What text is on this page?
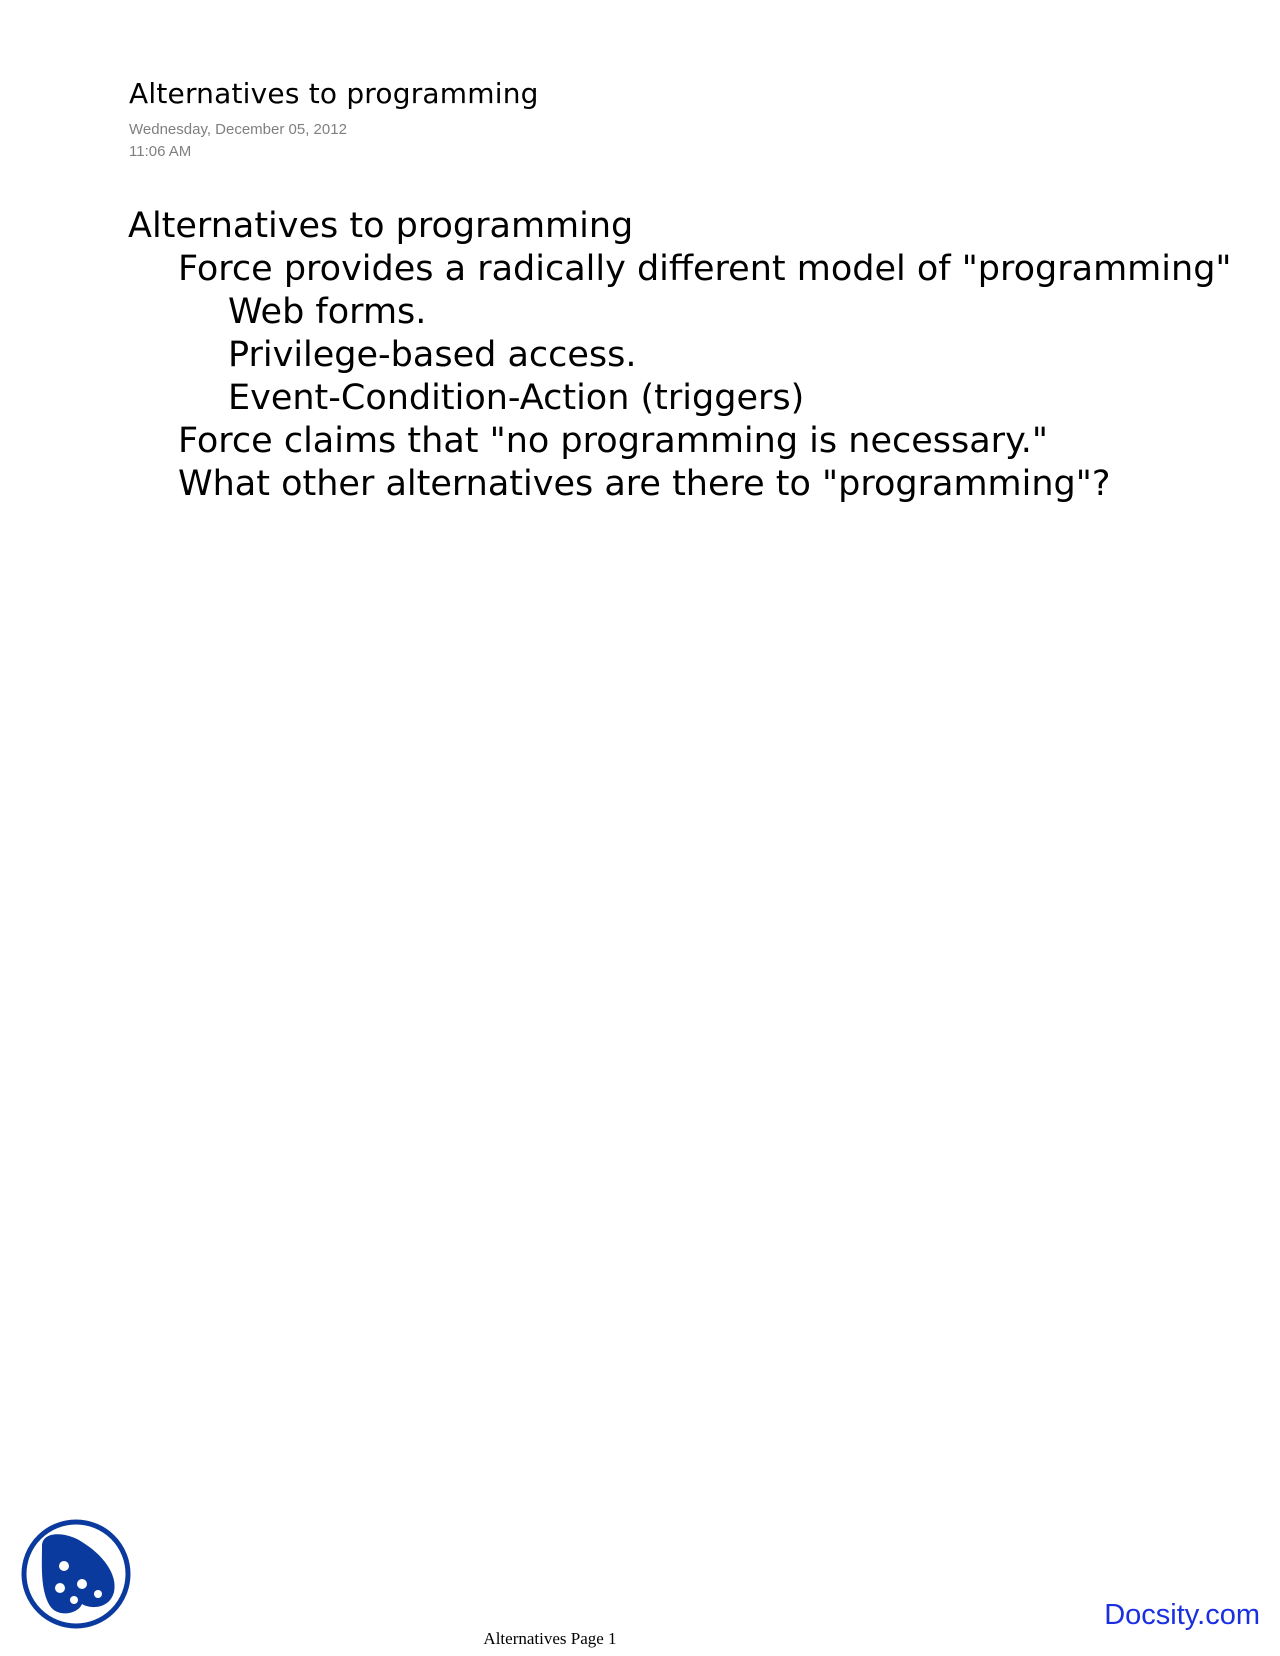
Alternatives to programming
Wednesday, December 05, 2012
11:06 AM
Alternatives to programming
Force provides a radically different model of "programming"
Web forms.
Privilege-based access.
Event-Condition-Action (triggers)
Force claims that "no programming is necessary."
What other alternatives are there to "programming"?
Docsity.com
Alternatives Page 1
